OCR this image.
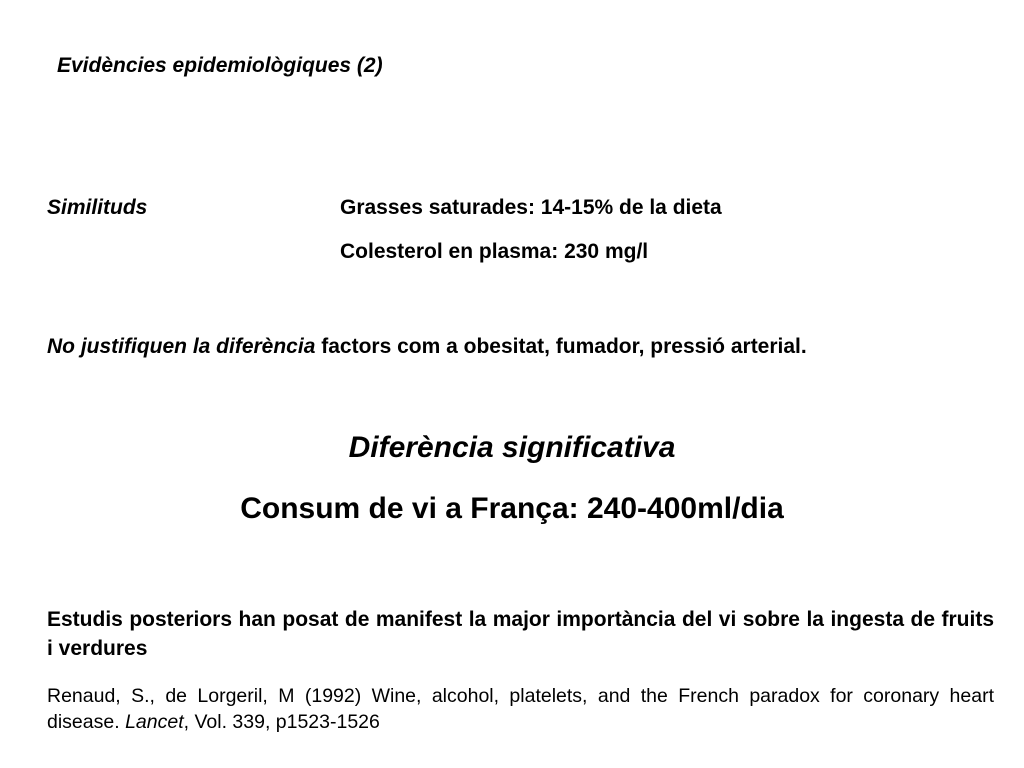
Evidències epidemiològiques (2)
Similituds	Grasses saturades: 14-15% de la dieta
Colesterol en plasma: 230 mg/l
No justifiquen la diferència factors com a obesitat, fumador, pressió arterial.
Diferència significativa
Consum de vi a França: 240-400ml/dia
Estudis posteriors han posat de manifest la major importància del vi sobre la ingesta de fruits i verdures
Renaud, S., de Lorgeril, M (1992) Wine, alcohol, platelets, and the French paradox for coronary heart disease. Lancet, Vol. 339, p1523-1526
